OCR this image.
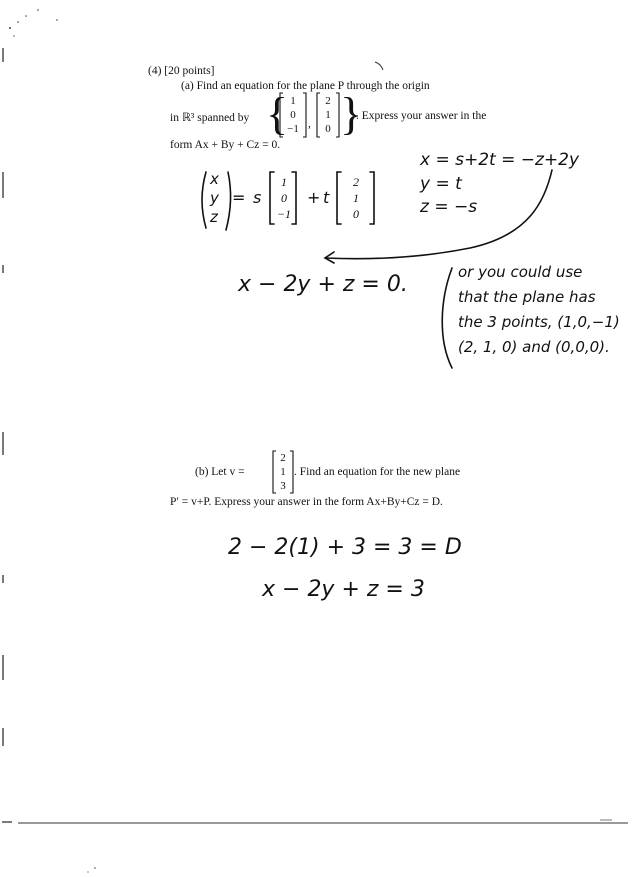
(4) [20 points]
(a) Find an equation for the plane P through the origin
in ℝ³ spanned by { 1
0
−1 ,
2
1
0 }
. Express your answer in the
form Ax + By + Cz = 0.
(b) Let v =
2
1
3
. Find an equation for the new plane
P′ = v+P. Express your answer in the form Ax+By+Cz = D.
x
y
z
= s
1
0
−1
+ t
2
1
0
x = s+2t = −z+2y
y = t
z = −s
x − 2y + z = 0.	or you could use
that the plane has
the 3 points, (1,0,−1)
(2, 1, 0) and (0,0,0).
2 − 2(1) + 3 = 3 = D
x − 2y + z = 3
